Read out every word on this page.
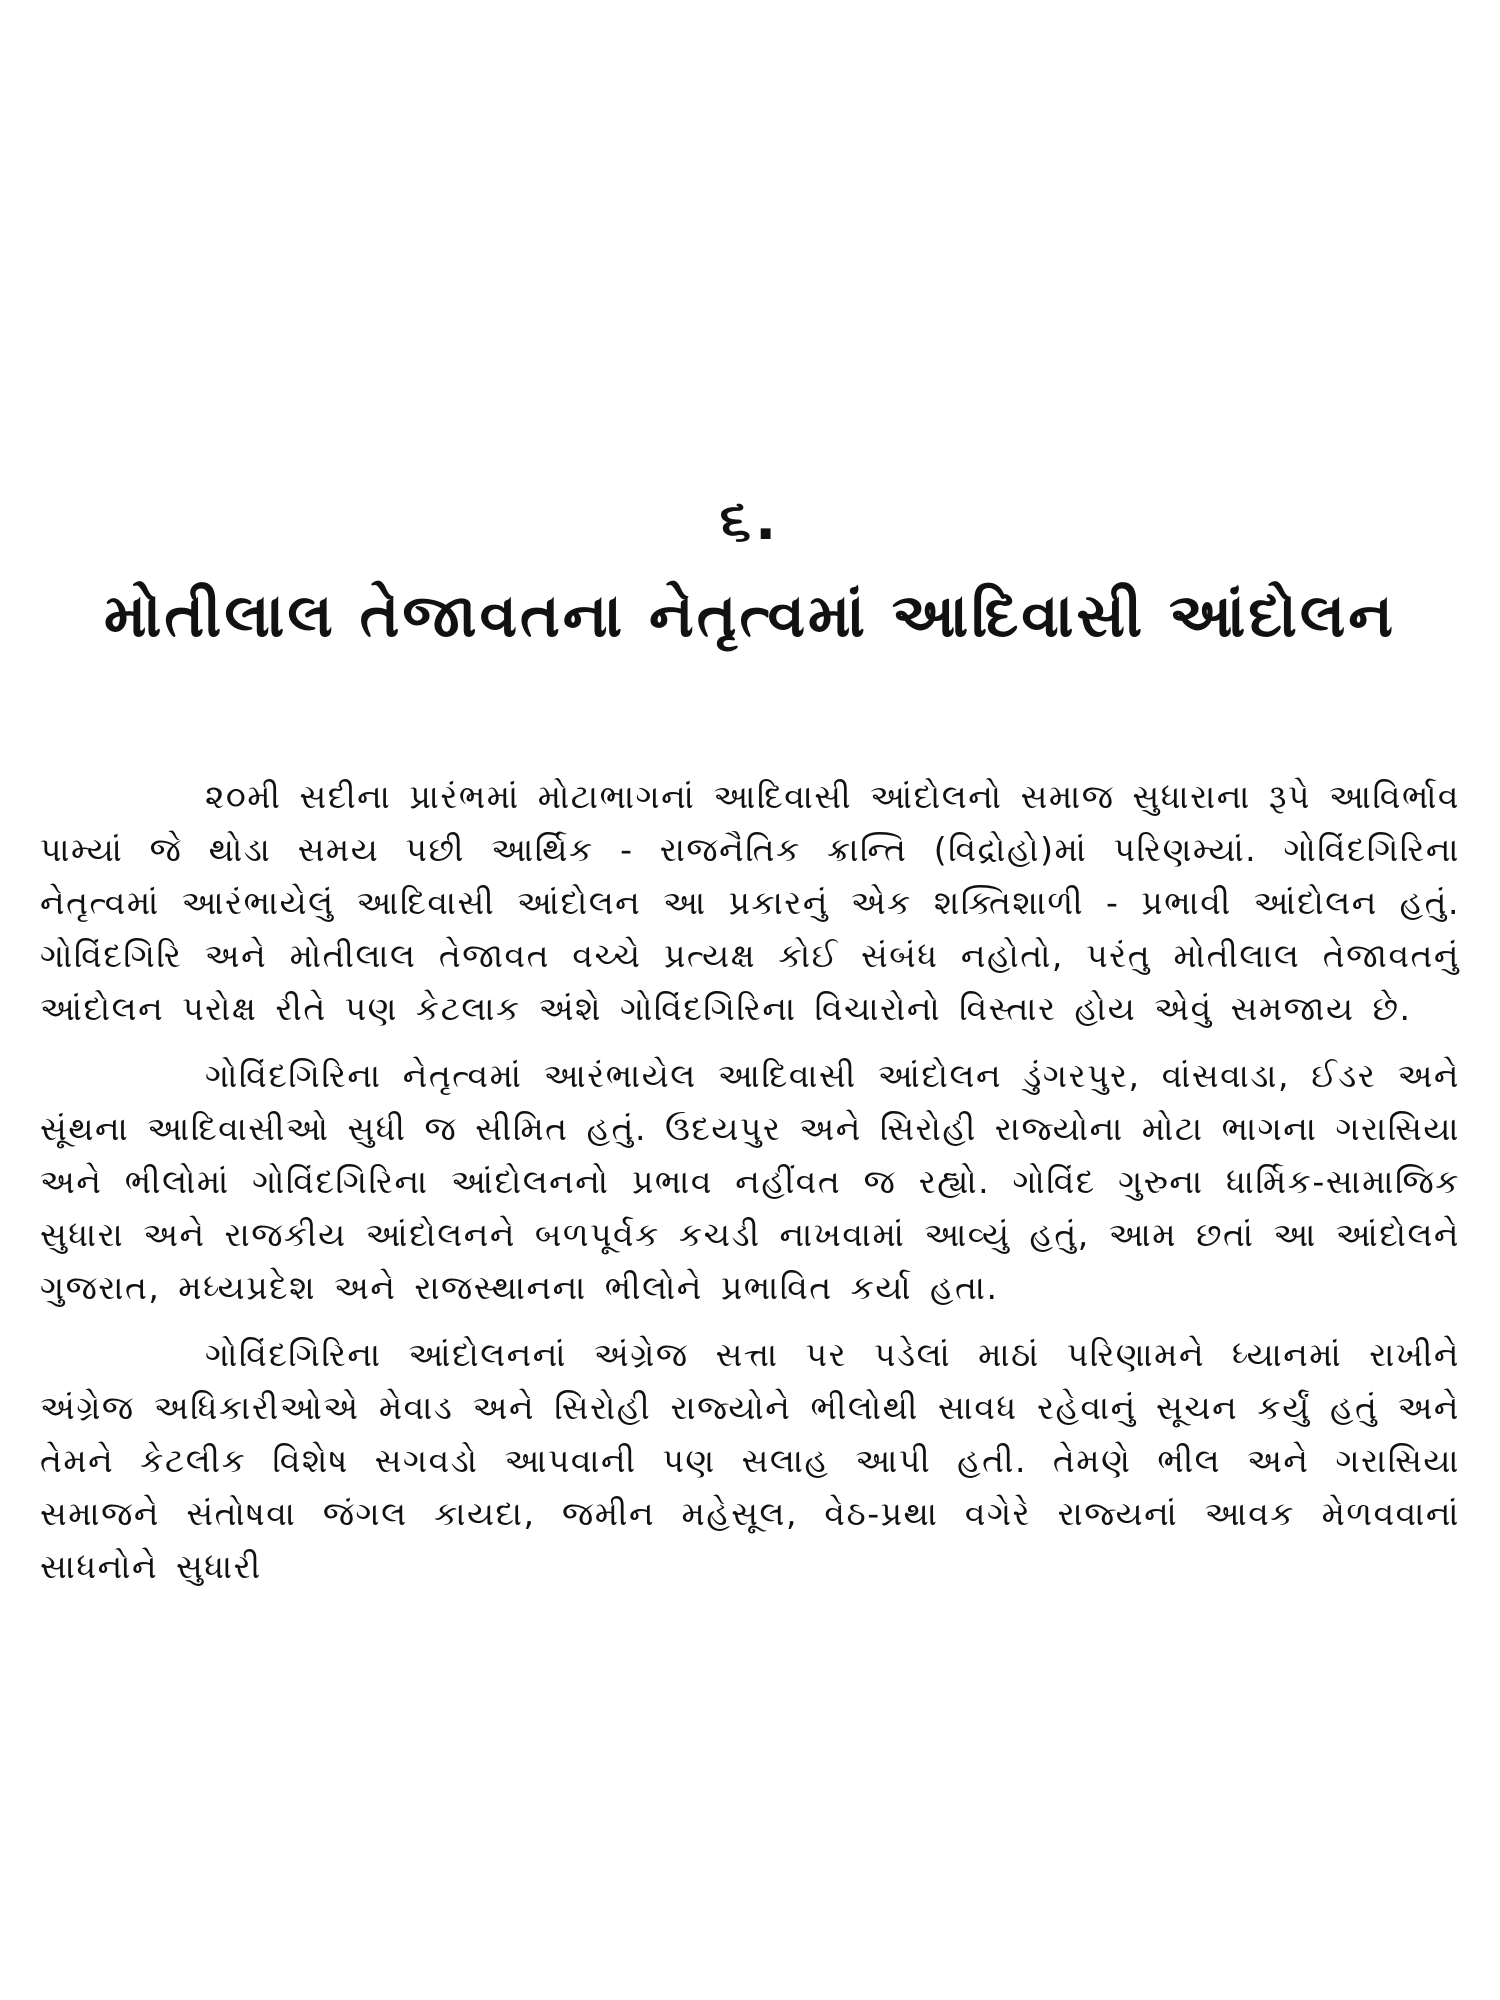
૬.
મોતીલાલ તેજાવતના નેતૃત્વમાં આદિવાસી આંદોલન

૨૦મી સદીના પ્રારંભમાં મોટાભાગનાં આદિવાસી આંદોલનો સમાજ સુધારાના રૂપે આવિર્ભાવ પામ્યાં જે થોડા સમય પછી આર્થિક - રાજનૈતિક ક્રાન્તિ (વિદ્રોહો)માં પરિણમ્યાં. ગોવિંદગિરિના નેતૃત્વમાં આરંભાયેલું આદિવાસી આંદોલન આ પ્રકારનું એક શક્તિશાળી - પ્રભાવી આંદોલન હતું. ગોવિંદગિરિ અને મોતીલાલ તેજાવત વચ્ચે પ્રત્યક્ષ કોઈ સંબંધ નહોતો, પરંતુ મોતીલાલ તેજાવતનું આંદોલન પરોક્ષ રીતે પણ કેટલાક અંશે ગોવિંદગિરિના વિચારોનો વિસ્તાર હોય એવું સમજાય છે.

ગોવિંદગિરિના નેતૃત્વમાં આરંભાયેલ આદિવાસી આંદોલન ડુંગરપુર, વાંસવાડા, ઈડર અને સૂંથના આદિવાસીઓ સુધી જ સીમિત હતું. ઉદયપુર અને સિરોહી રાજ્યોના મોટા ભાગના ગરાસિયા અને ભીલોમાં ગોવિંદગિરિના આંદોલનનો પ્રભાવ નહીંવત જ રહ્યો. ગોવિંદ ગુરુના ધાર્મિક-સામાજિક સુધારા અને રાજકીય આંદોલનને બળપૂર્વક કચડી નાખવામાં આવ્યું હતું, આમ છતાં આ આંદોલને ગુજરાત, મધ્યપ્રદેશ અને રાજસ્થાનના ભીલોને પ્રભાવિત કર્યા હતા.

ગોવિંદગિરિના આંદોલનનાં અંગ્રેજ સત્તા પર પડેલાં માઠાં પરિણામને ધ્યાનમાં રાખીને અંગ્રેજ અધિકારીઓએ મેવાડ અને સિરોહી રાજ્યોને ભીલોથી સાવધ રહેવાનું સૂચન કર્યું હતું અને તેમને કેટલીક વિશેષ સગવડો આપવાની પણ સલાહ આપી હતી. તેમણે ભીલ અને ગરાસિયા સમાજને સંતોષવા જંગલ કાયદા, જમીન મહેસૂલ, વેઠ-પ્રથા વગેરે રાજ્યનાં આવક મેળવવાનાં સાધનોને સુધારી
